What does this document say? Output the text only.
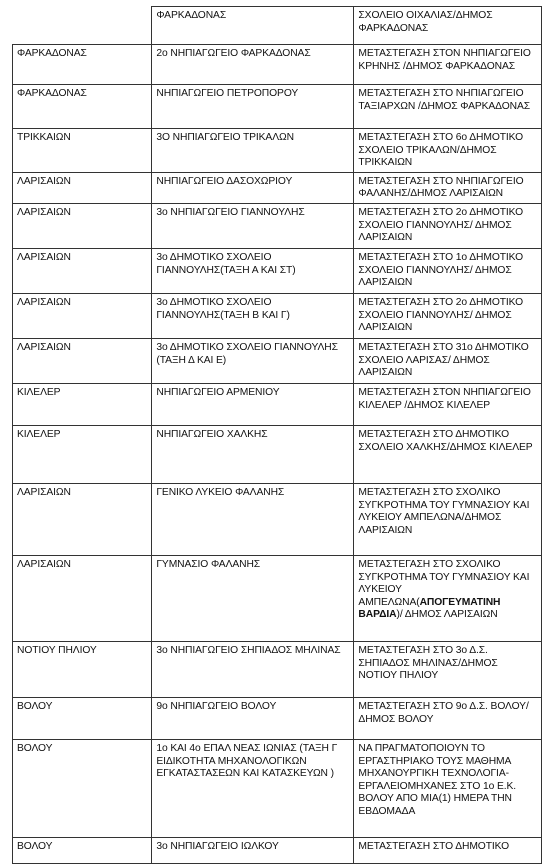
	ΦΑΡΚΑΔΟΝΑΣ	ΣΧΟΛΕΙΟ ΟΙΧΑΛΙΑΣ/ΔΗΜΟΣ ΦΑΡΚΑΔΟΝΑΣ
ΦΑΡΚΑΔΟΝΑΣ	2ο ΝΗΠΙΑΓΩΓΕΙΟ ΦΑΡΚΑΔΟΝΑΣ	ΜΕΤΑΣΤΕΓΑΣΗ ΣΤΟΝ ΝΗΠΙΑΓΩΓΕΙΟ ΚΡΗΝΗΣ /ΔΗΜΟΣ ΦΑΡΚΑΔΟΝΑΣ
ΦΑΡΚΑΔΟΝΑΣ	ΝΗΠΙΑΓΩΓΕΙΟ ΠΕΤΡΟΠΟΡΟΥ	ΜΕΤΑΣΤΕΓΑΣΗ ΣΤΟ ΝΗΠΙΑΓΩΓΕΙΟ ΤΑΞΙΑΡΧΩΝ /ΔΗΜΟΣ ΦΑΡΚΑΔΟΝΑΣ
ΤΡΙΚΚΑΙΩΝ	3Ο ΝΗΠΙΑΓΩΓΕΙΟ ΤΡΙΚΑΛΩΝ	ΜΕΤΑΣΤΕΓΑΣΗ ΣΤΟ 6ο ΔΗΜΟΤΙΚΟ ΣΧΟΛΕΙΟ ΤΡΙΚΑΛΩΝ/ΔΗΜΟΣ ΤΡΙΚΚΑΙΩΝ
ΛΑΡΙΣΑΙΩΝ	ΝΗΠΙΑΓΩΓΕΙΟ ΔΑΣΟΧΩΡΙΟΥ	ΜΕΤΑΣΤΕΓΑΣΗ ΣΤΟ ΝΗΠΙΑΓΩΓΕΙΟ ΦΑΛΑΝΗΣ/ΔΗΜΟΣ ΛΑΡΙΣΑΙΩΝ
ΛΑΡΙΣΑΙΩΝ	3ο ΝΗΠΙΑΓΩΓΕΙΟ ΓΙΑΝΝΟΥΛΗΣ	ΜΕΤΑΣΤΕΓΑΣΗ ΣΤΟ 2ο ΔΗΜΟΤΙΚΟ ΣΧΟΛΕΙΟ ΓΙΑΝΝΟΥΛΗΣ/ ΔΗΜΟΣ ΛΑΡΙΣΑΙΩΝ
ΛΑΡΙΣΑΙΩΝ	3ο ΔΗΜΟΤΙΚΟ ΣΧΟΛΕΙΟ ΓΙΑΝΝΟΥΛΗΣ(ΤΑΞΗ Α ΚΑΙ ΣΤ)	ΜΕΤΑΣΤΕΓΑΣΗ ΣΤΟ 1ο ΔΗΜΟΤΙΚΟ ΣΧΟΛΕΙΟ ΓΙΑΝΝΟΥΛΗΣ/ ΔΗΜΟΣ ΛΑΡΙΣΑΙΩΝ
ΛΑΡΙΣΑΙΩΝ	3ο ΔΗΜΟΤΙΚΟ ΣΧΟΛΕΙΟ ΓΙΑΝΝΟΥΛΗΣ(ΤΑΞΗ Β ΚΑΙ Γ)	ΜΕΤΑΣΤΕΓΑΣΗ ΣΤΟ 2ο ΔΗΜΟΤΙΚΟ ΣΧΟΛΕΙΟ ΓΙΑΝΝΟΥΛΗΣ/ ΔΗΜΟΣ ΛΑΡΙΣΑΙΩΝ
ΛΑΡΙΣΑΙΩΝ	3ο ΔΗΜΟΤΙΚΟ ΣΧΟΛΕΙΟ ΓΙΑΝΝΟΥΛΗΣ (ΤΑΞΗ Δ ΚΑΙ Ε)	ΜΕΤΑΣΤΕΓΑΣΗ ΣΤΟ 31ο ΔΗΜΟΤΙΚΟ ΣΧΟΛΕΙΟ ΛΑΡΙΣΑΣ/ ΔΗΜΟΣ ΛΑΡΙΣΑΙΩΝ
ΚΙΛΕΛΕΡ	ΝΗΠΙΑΓΩΓΕΙΟ ΑΡΜΕΝΙΟΥ	ΜΕΤΑΣΤΕΓΑΣΗ ΣΤΟΝ ΝΗΠΙΑΓΩΓΕΙΟ ΚΙΛΕΛΕΡ /ΔΗΜΟΣ ΚΙΛΕΛΕΡ
ΚΙΛΕΛΕΡ	ΝΗΠΙΑΓΩΓΕΙΟ ΧΑΛΚΗΣ	ΜΕΤΑΣΤΕΓΑΣΗ ΣΤΟ ΔΗΜΟΤΙΚΟ ΣΧΟΛΕΙΟ ΧΑΛΚΗΣ/ΔΗΜΟΣ ΚΙΛΕΛΕΡ
ΛΑΡΙΣΑΙΩΝ	ΓΕΝΙΚΟ ΛΥΚΕΙΟ ΦΑΛΑΝΗΣ	ΜΕΤΑΣΤΕΓΑΣΗ ΣΤΟ ΣΧΟΛΙΚΟ ΣΥΓΚΡΟΤΗΜΑ ΤΟΥ ΓΥΜΝΑΣΙΟΥ ΚΑΙ ΛΥΚΕΙΟΥ ΑΜΠΕΛΩΝΑ/ΔΗΜΟΣ ΛΑΡΙΣΑΙΩΝ
ΛΑΡΙΣΑΙΩΝ	ΓΥΜΝΑΣΙΟ ΦΑΛΑΝΗΣ	ΜΕΤΑΣΤΕΓΑΣΗ ΣΤΟ ΣΧΟΛΙΚΟ ΣΥΓΚΡΟΤΗΜΑ ΤΟΥ ΓΥΜΝΑΣΙΟΥ ΚΑΙ ΛΥΚΕΙΟΥ ΑΜΠΕΛΩΝΑ(ΑΠΟΓΕΥΜΑΤΙΝΗ ΒΑΡΔΙΑ)/ ΔΗΜΟΣ ΛΑΡΙΣΑΙΩΝ
ΝΟΤΙΟΥ ΠΗΛΙΟΥ	3ο ΝΗΠΙΑΓΩΓΕΙΟ ΣΗΠΙΑΔΟΣ ΜΗΛΙΝΑΣ	ΜΕΤΑΣΤΕΓΑΣΗ ΣΤΟ 3ο Δ.Σ. ΣΗΠΙΑΔΟΣ ΜΗΛΙΝΑΣ/ΔΗΜΟΣ ΝΟΤΙΟΥ ΠΗΛΙΟΥ
ΒΟΛΟΥ	9ο ΝΗΠΙΑΓΩΓΕΙΟ ΒΟΛΟΥ	ΜΕΤΑΣΤΕΓΑΣΗ ΣΤΟ 9ο Δ.Σ. ΒΟΛΟΥ/ΔΗΜΟΣ ΒΟΛΟΥ
ΒΟΛΟΥ	1ο ΚΑΙ 4ο ΕΠΑΛ ΝΕΑΣ ΙΩΝΙΑΣ (ΤΑΞΗ Γ ΕΙΔΙΚΟΤΗΤΑ ΜΗΧΑΝΟΛΟΓΙΚΩΝ ΕΓΚΑΤΑΣΤΑΣΕΩΝ ΚΑΙ ΚΑΤΑΣΚΕΥΩΝ )	ΝΑ ΠΡΑΓΜΑΤΟΠΟΙΟΥΝ ΤΟ ΕΡΓΑΣΤΗΡΙΑΚΟ ΤΟΥΣ ΜΑΘΗΜΑ ΜΗΧΑΝΟΥΡΓΙΚΗ ΤΕΧΝΟΛΟΓΙΑ-ΕΡΓΑΛΕΙΟΜΗΧΑΝΕΣ ΣΤΟ 1ο Ε.Κ. ΒΟΛΟΥ ΑΠΟ ΜΙΑ(1) ΗΜΕΡΑ ΤΗΝ ΕΒΔΟΜΑΔΑ
ΒΟΛΟΥ	3ο ΝΗΠΙΑΓΩΓΕΙΟ ΙΩΛΚΟΥ	ΜΕΤΑΣΤΕΓΑΣΗ ΣΤΟ ΔΗΜΟΤΙΚΟ
